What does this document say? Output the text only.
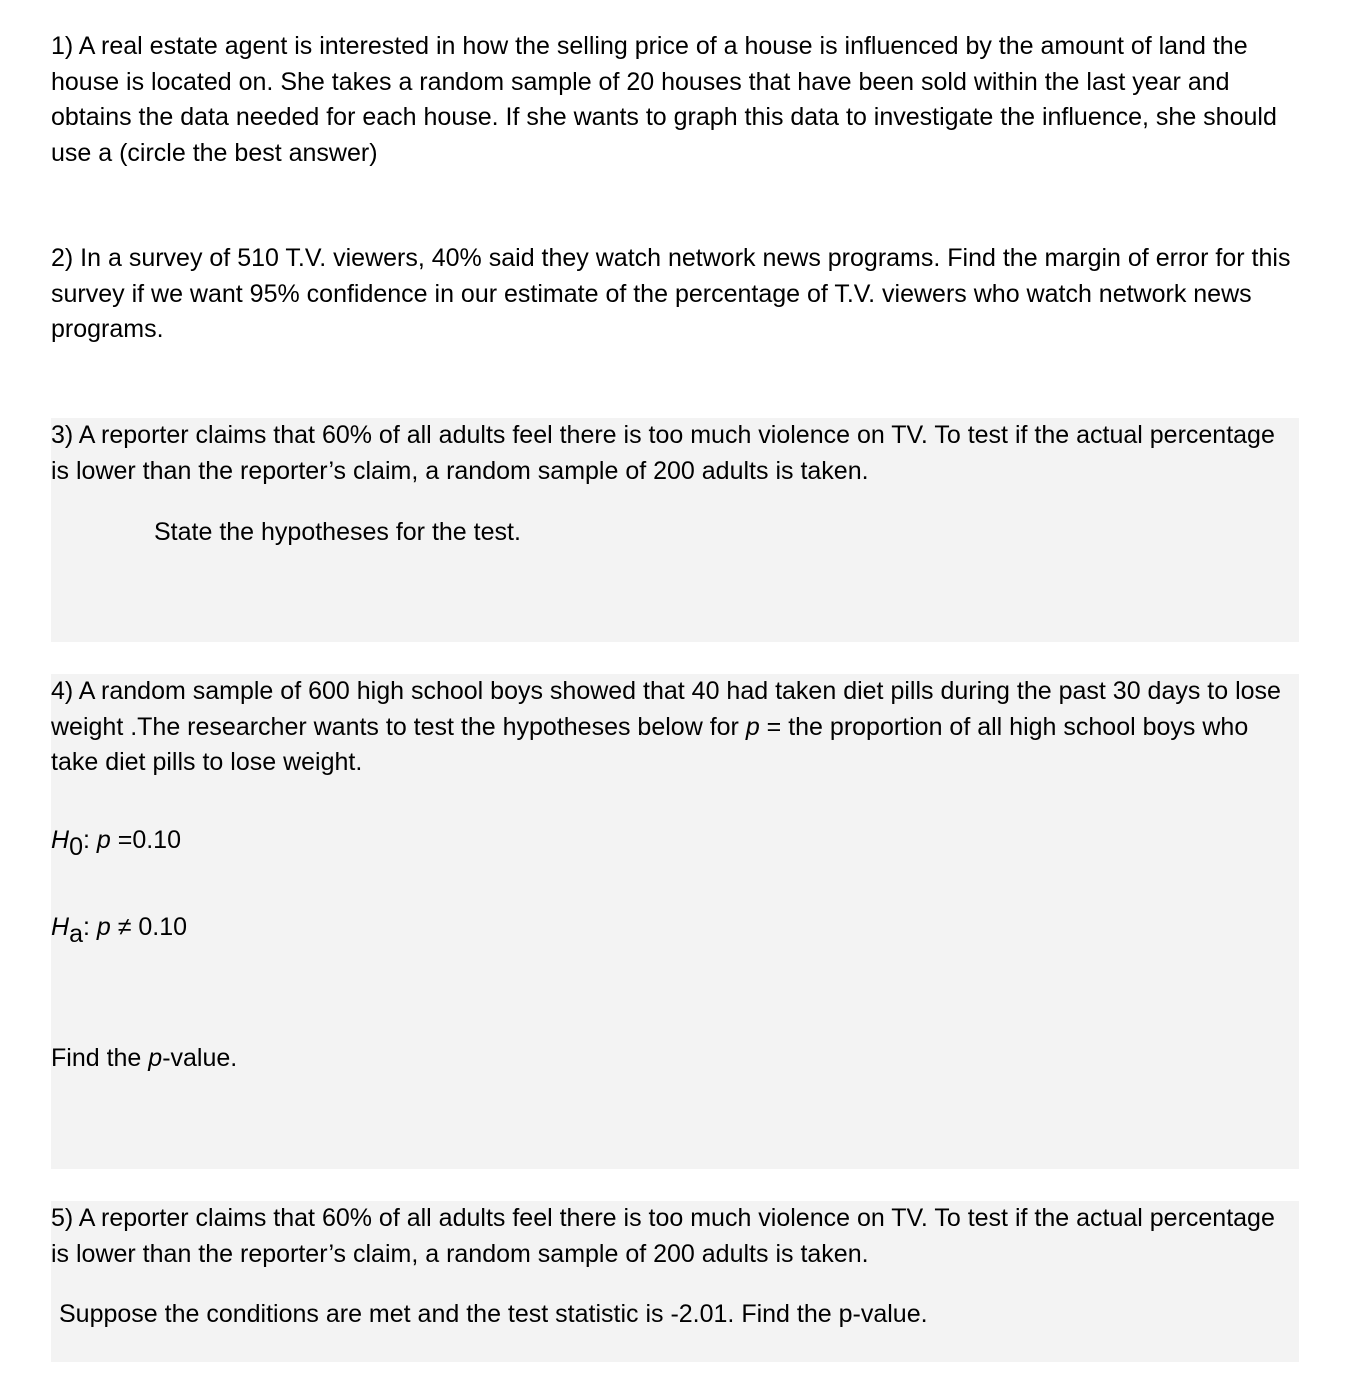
1) A real estate agent is interested in how the selling price of a house is influenced by the amount of land the house is located on. She takes a random sample of 20 houses that have been sold within the last year and obtains the data needed for each house. If she wants to graph this data to investigate the influence, she should use a (circle the best answer)

2) In a survey of 510 T.V. viewers, 40% said they watch network news programs. Find the margin of error for this survey if we want 95% confidence in our estimate of the percentage of T.V. viewers who watch network news programs.

3) A reporter claims that 60% of all adults feel there is too much violence on TV. To test if the actual percentage is lower than the reporter’s claim, a random sample of 200 adults is taken.

State the hypotheses for the test.

4) A random sample of 600 high school boys showed that 40 had taken diet pills during the past 30 days to lose weight .The researcher wants to test the hypotheses below for p = the proportion of all high school boys who take diet pills to lose weight.

$H_0$: p =0.10

$H_a$: p ≠ 0.10

Find the p-value.

5) A reporter claims that 60% of all adults feel there is too much violence on TV. To test if the actual percentage is lower than the reporter’s claim, a random sample of 200 adults is taken.

Suppose the conditions are met and the test statistic is -2.01. Find the p-value.
